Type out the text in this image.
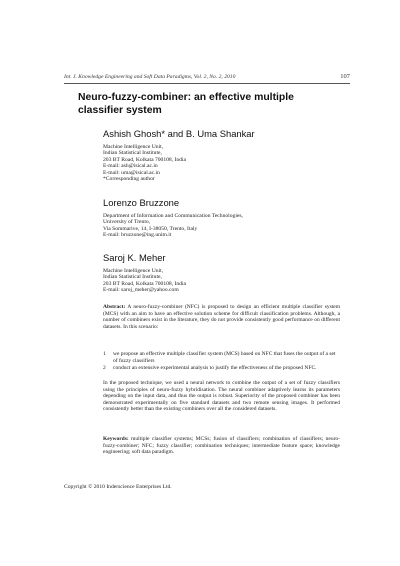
Int. J. Knowledge Engineering and Soft Data Paradigms, Vol. 2, No. 2, 2010	107
Neuro-fuzzy-combiner: an effective multiple classifier system
Ashish Ghosh* and B. Uma Shankar
Machine Intelligence Unit,
Indian Statistical Institute,
203 BT Road, Kolkata 700108, India
E-mail: ash@isical.ac.in
E-mail: uma@isical.ac.in
*Corresponding author
Lorenzo Bruzzone
Department of Information and Communication Technologies,
University of Trento,
Via Sommarive, 14, I-38050, Trento, Italy
E-mail: bruzzone@ing.unitn.it
Saroj K. Meher
Machine Intelligence Unit,
Indian Statistical Institute,
203 BT Road, Kolkata 700108, India
E-mail: saroj_meher@yahoo.com
Abstract: A neuro-fuzzy-combiner (NFC) is proposed to design an efficient multiple classifier system (MCS) with an aim to have an effective solution scheme for difficult classification problems. Although, a number of combiners exist in the literature, they do not provide consistently good performance on different datasets. In this scenario:
1 we propose an effective multiple classifier system (MCS) based on NFC that fuses the output of a set of fuzzy classifiers
2 conduct an extensive experimental analysis to justify the effectiveness of the proposed NFC.
In the proposed technique, we used a neural network to combine the output of a set of fuzzy classifiers using the principles of neuro-fuzzy hybridisation. The neural combiner adaptively learns its parameters depending on the input data, and thus the output is robust. Superiority of the proposed combiner has been demonstrated experimentally on five standard datasets and two remote sensing images. It performed consistently better than the existing combiners over all the considered datasets.
Keywords: multiple classifier systems; MCSs; fusion of classifiers; combination of classifiers; neuro-fuzzy-combiner; NFC; fuzzy classifier; combination techniques; intermediate feature space; knowledge engineering; soft data paradigm.
Copyright © 2010 Inderscience Enterprises Ltd.
